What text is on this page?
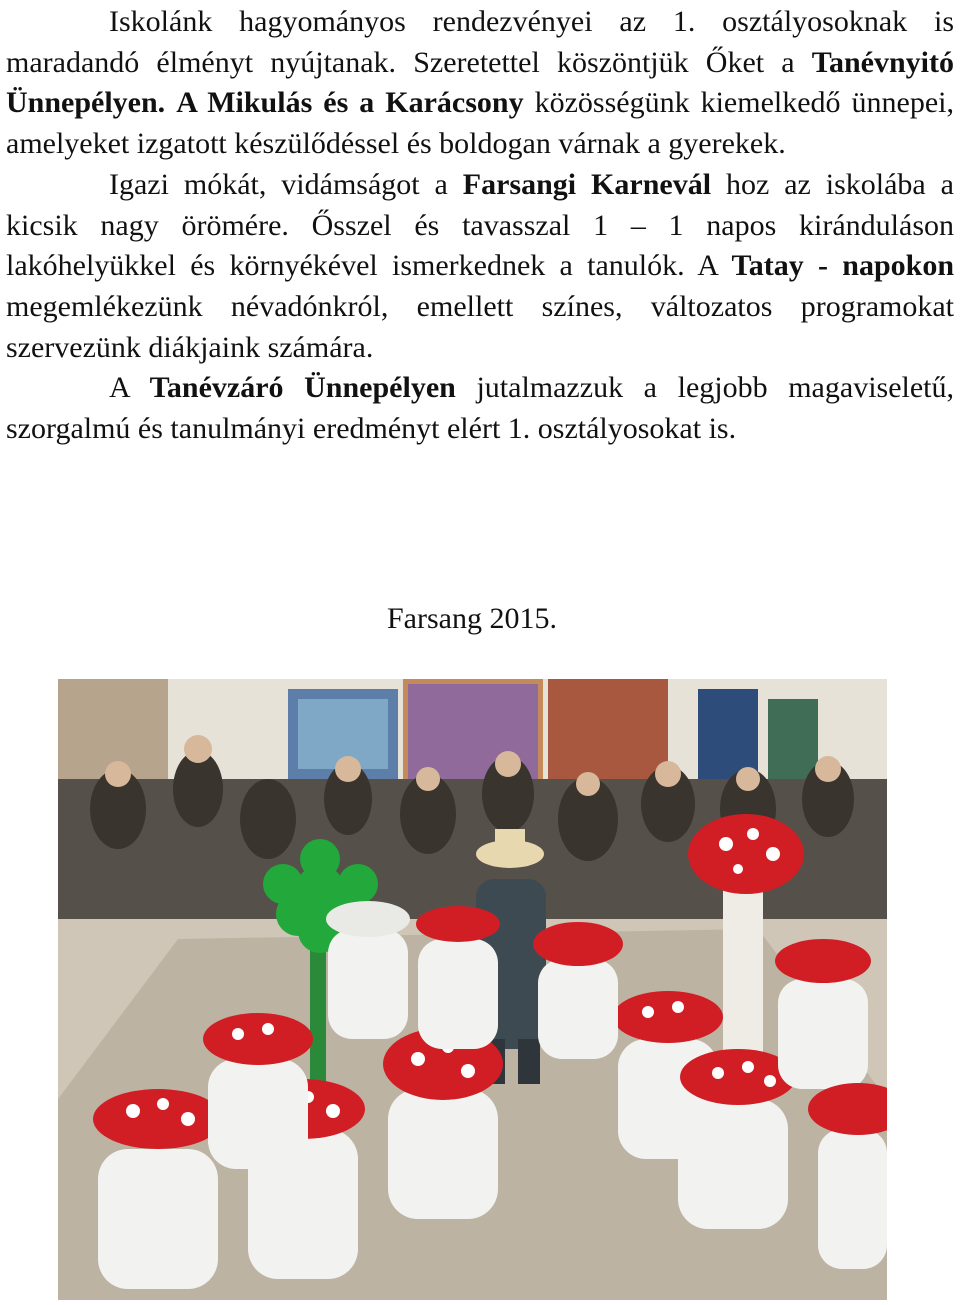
Iskolánk hagyományos rendezvényei az 1. osztályosoknak is maradandó élményt nyújtanak. Szeretettel köszöntjük Őket a Tanévnyitó Ünnepélyen. A Mikulás és a Karácsony közösségünk kiemelkedő ünnepei, amelyeket izgatott készülődéssel és boldogan várnak a gyerekek.

Igazi mókát, vidámságot a Farsangi Karnevál hoz az iskolába a kicsik nagy örömére. Ősszel és tavasszal 1 – 1 napos kiránduláson lakóhelyükkel és környékével ismerkednek a tanulók. A Tatay - napokon megemlékezünk névadónkról, emellett színes, változatos programokat szervezünk diákjaink számára.

A Tanévzáró Ünnepélyen jutalmazzuk a legjobb magaviseletű, szorgalmú és tanulmányi eredményt elért 1. osztályosokat is.

Farsang 2015.
